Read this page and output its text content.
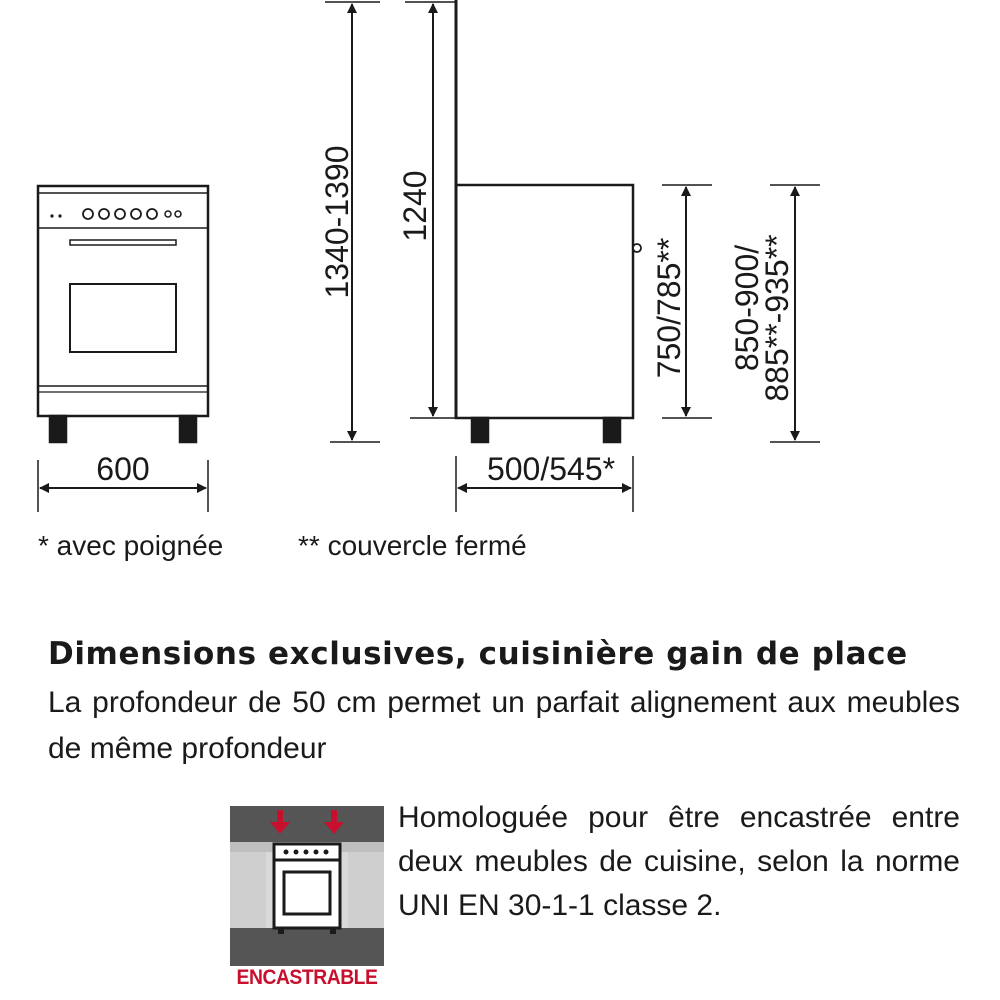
600
1340-1390 1240
500/545*
750/785** 850-900/
885**-935**
* avec poignée	** couvercle fermé
Dimensions exclusives, cuisinière gain de place

La profondeur de 50 cm permet un parfait alignement aux meubles de même profondeur

ENCASTRABLE

Homologuée pour être encastrée entre deux meubles de cuisine, selon la norme UNI EN 30-1-1 classe 2.
